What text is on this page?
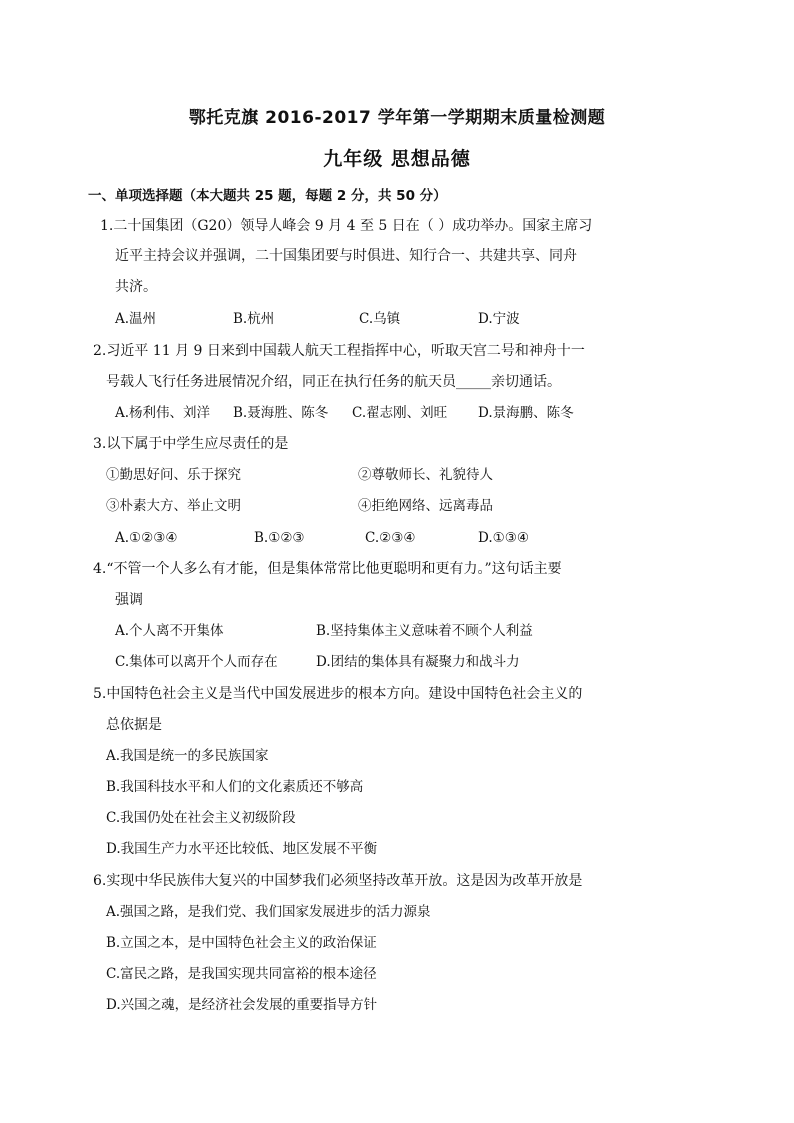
鄂托克旗 2016-2017 学年第一学期期末质量检测题
九年级 思想品德
一、单项选择题（本大题共 25 题，每题 2 分，共 50 分）
1.二十国集团（G20）领导人峰会 9 月 4 至 5 日在（ ）成功举办。国家主席习
近平主持会议并强调，二十国集团要与时俱进、知行合一、共建共享、同舟
共济。
A.温州	B.杭州	C.乌镇	D.宁波
2.习近平 11 月 9 日来到中国载人航天工程指挥中心，听取天宫二号和神舟十一
号载人飞行任务进展情况介绍，同正在执行任务的航天员_____亲切通话。
A.杨利伟、刘洋 B.聂海胜、陈冬 C.翟志刚、刘旺 D.景海鹏、陈冬
3.以下属于中学生应尽责任的是
①勤思好问、乐于探究	②尊敬师长、礼貌待人
③朴素大方、举止文明	④拒绝网络、远离毒品
A.①②③④	B.①②③	C.②③④	D.①③④
4.“不管一个人多么有才能，但是集体常常比他更聪明和更有力。”这句话主要
强调
A.个人离不开集体	B.坚持集体主义意味着不顾个人利益
C.集体可以离开个人而存在	D.团结的集体具有凝聚力和战斗力
5.中国特色社会主义是当代中国发展进步的根本方向。建设中国特色社会主义的
总依据是
A.我国是统一的多民族国家
B.我国科技水平和人们的文化素质还不够高
C.我国仍处在社会主义初级阶段
D.我国生产力水平还比较低、地区发展不平衡
6.实现中华民族伟大复兴的中国梦我们必须坚持改革开放。这是因为改革开放是
A.强国之路，是我们党、我们国家发展进步的活力源泉
B.立国之本，是中国特色社会主义的政治保证
C.富民之路，是我国实现共同富裕的根本途径
D.兴国之魂，是经济社会发展的重要指导方针
